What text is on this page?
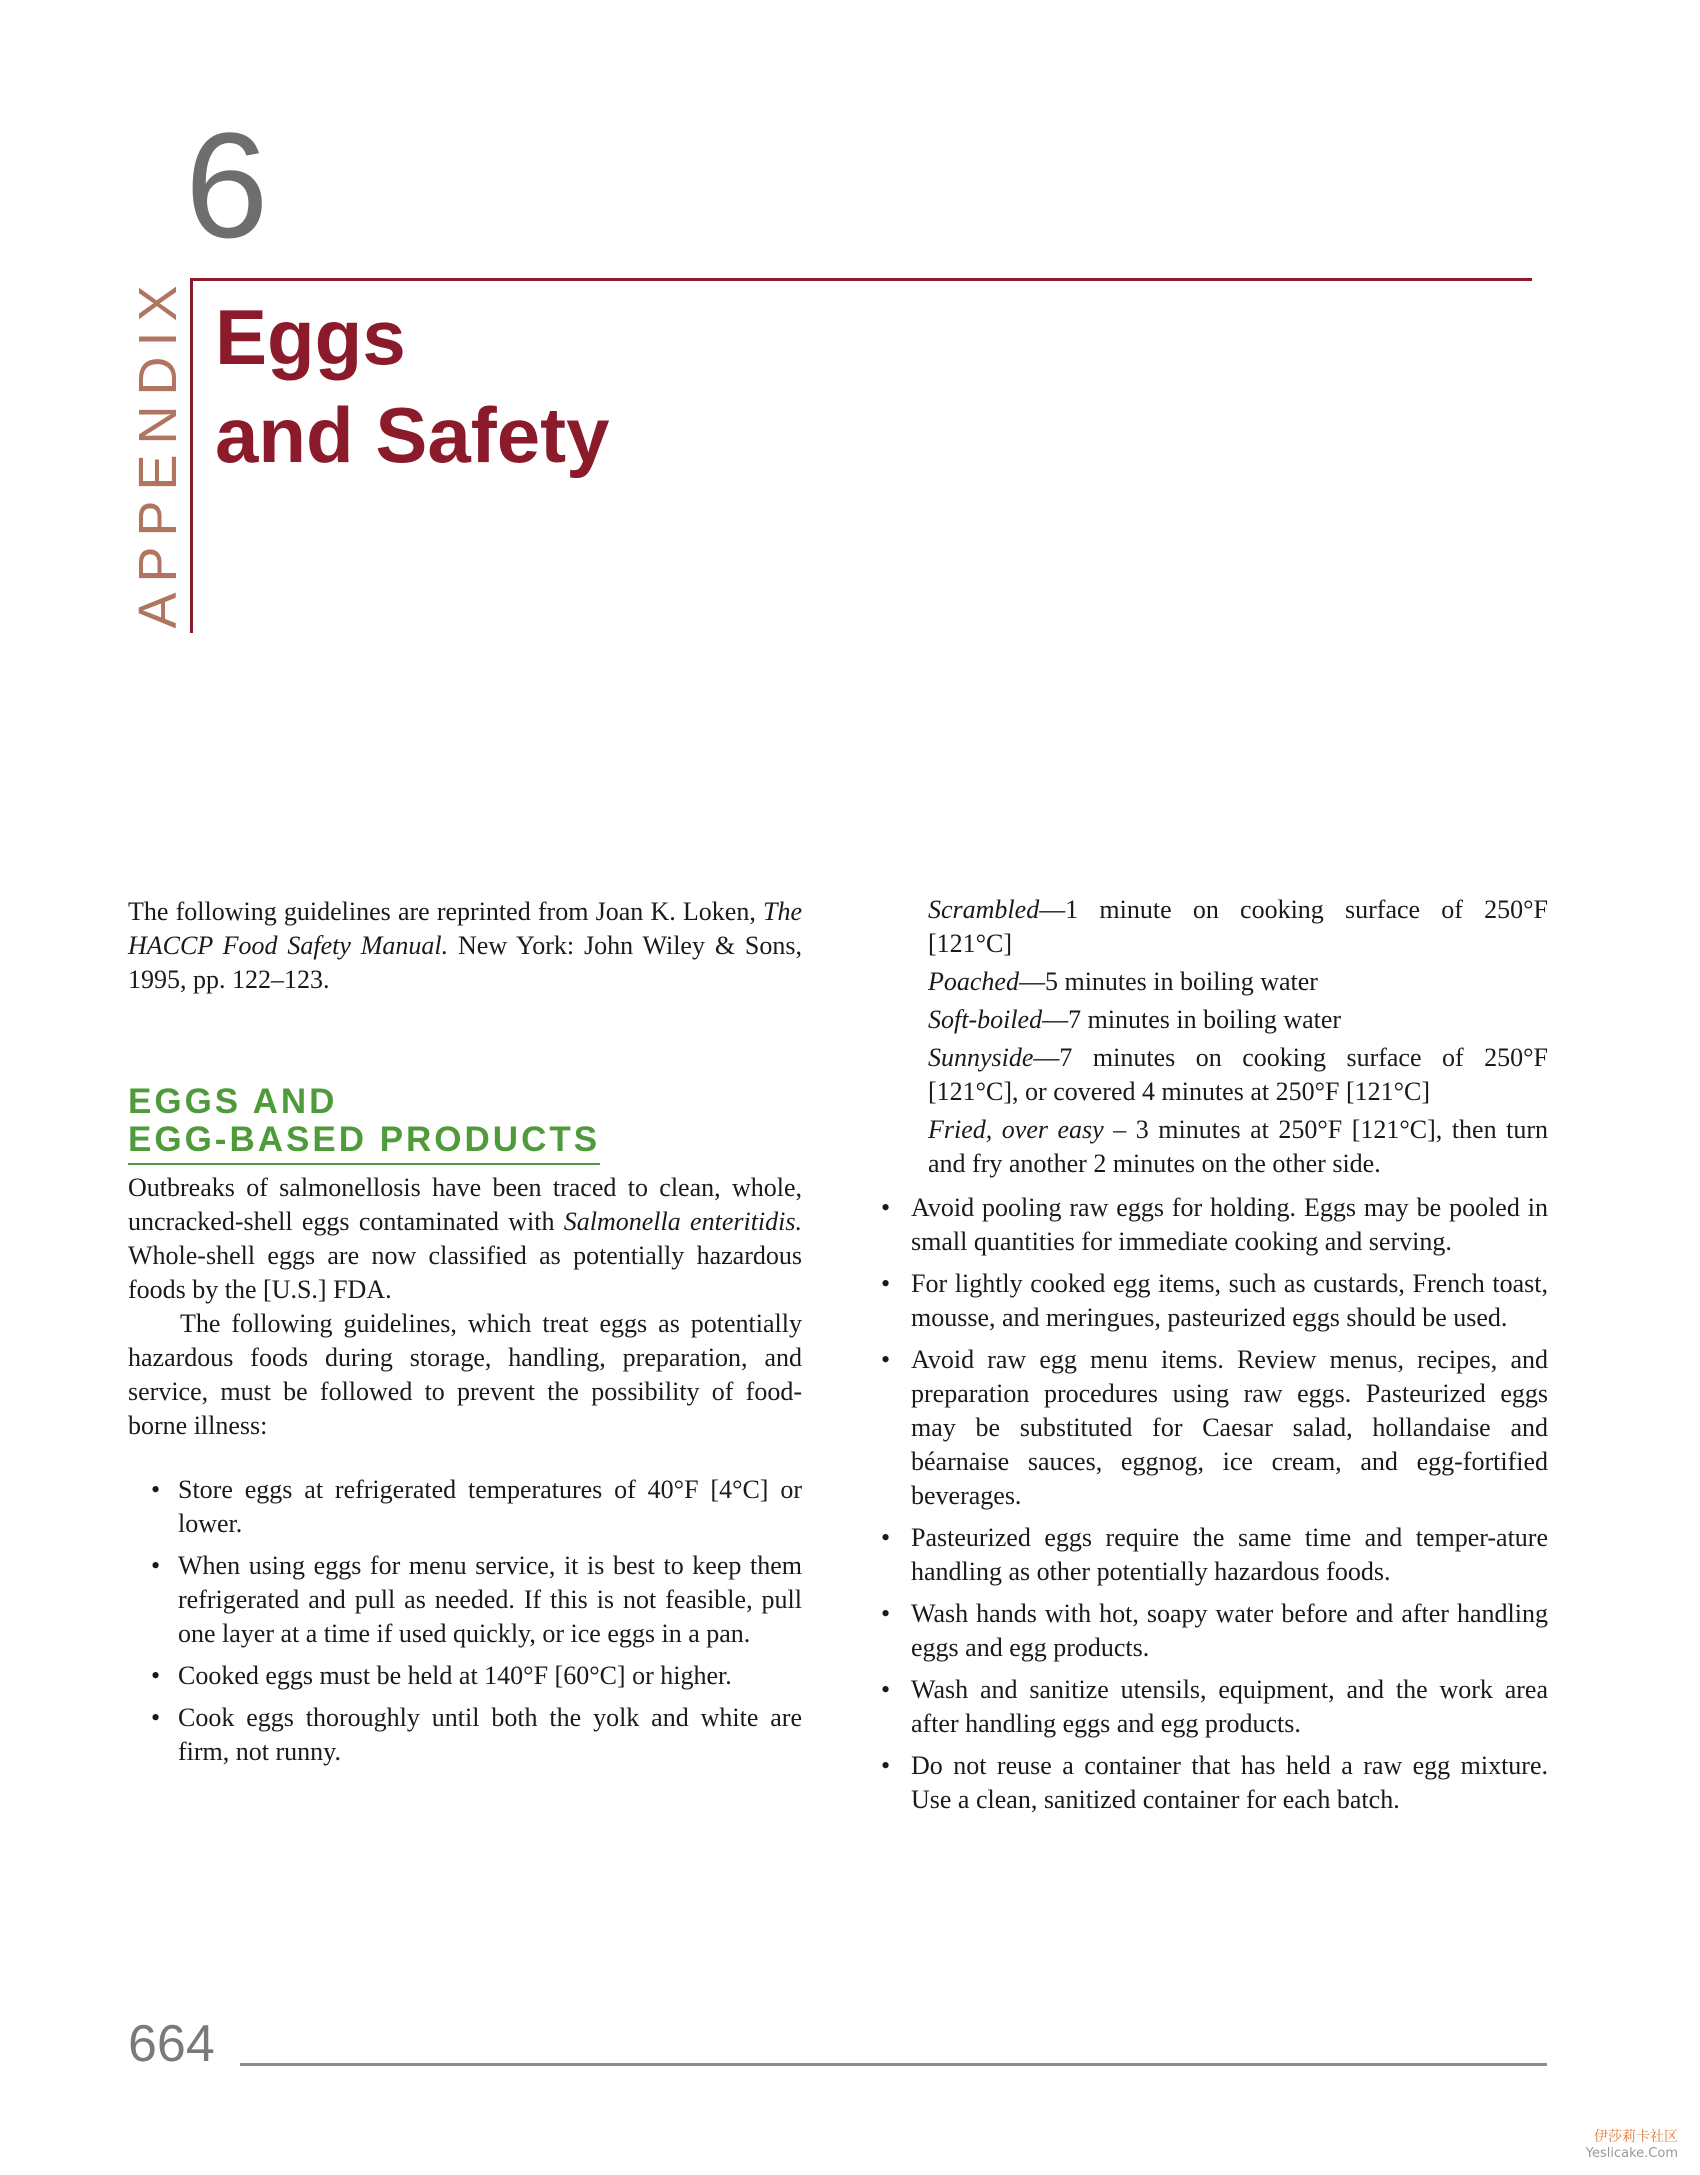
6
APPENDIX Eggs
and Safety

The following guidelines are reprinted from Joan K. Loken, The HACCP Food Safety Manual. New York: John Wiley & Sons, 1995, pp. 122–123.

EGGS AND
EGG-BASED PRODUCTS

Outbreaks of salmonellosis have been traced to clean, whole, uncracked-shell eggs contaminated with Salmonella enteritidis. Whole-shell eggs are now classified as potentially hazardous foods by the [U.S.] FDA.

The following guidelines, which treat eggs as potentially hazardous foods during storage, handling, preparation, and service, must be followed to prevent the possibility of food-borne illness:

• Store eggs at refrigerated temperatures of 40°F [4°C] or lower.
• When using eggs for menu service, it is best to keep them refrigerated and pull as needed. If this is not feasible, pull one layer at a time if used quickly, or ice eggs in a pan.
• Cooked eggs must be held at 140°F [60°C] or higher.
• Cook eggs thoroughly until both the yolk and white are firm, not runny.
Scrambled—1 minute on cooking surface of 250°F [121°C]
Poached—5 minutes in boiling water
Soft-boiled—7 minutes in boiling water
Sunnyside—7 minutes on cooking surface of 250°F [121°C], or covered 4 minutes at 250°F [121°C]
Fried, over easy – 3 minutes at 250°F [121°C], then turn and fry another 2 minutes on the other side.
• Avoid pooling raw eggs for holding. Eggs may be pooled in small quantities for immediate cooking and serving.
• For lightly cooked egg items, such as custards, French toast, mousse, and meringues, pasteurized eggs should be used.
• Avoid raw egg menu items. Review menus, recipes, and preparation procedures using raw eggs. Pasteurized eggs may be substituted for Caesar salad, hollandaise and béarnaise sauces, eggnog, ice cream, and egg-fortified beverages.
• Pasteurized eggs require the same time and temper-ature handling as other potentially hazardous foods.
• Wash hands with hot, soapy water before and after handling eggs and egg products.
• Wash and sanitize utensils, equipment, and the work area after handling eggs and egg products.
• Do not reuse a container that has held a raw egg mixture. Use a clean, sanitized container for each batch.
664
伊莎莉卡社区
Yeslicake.Com
